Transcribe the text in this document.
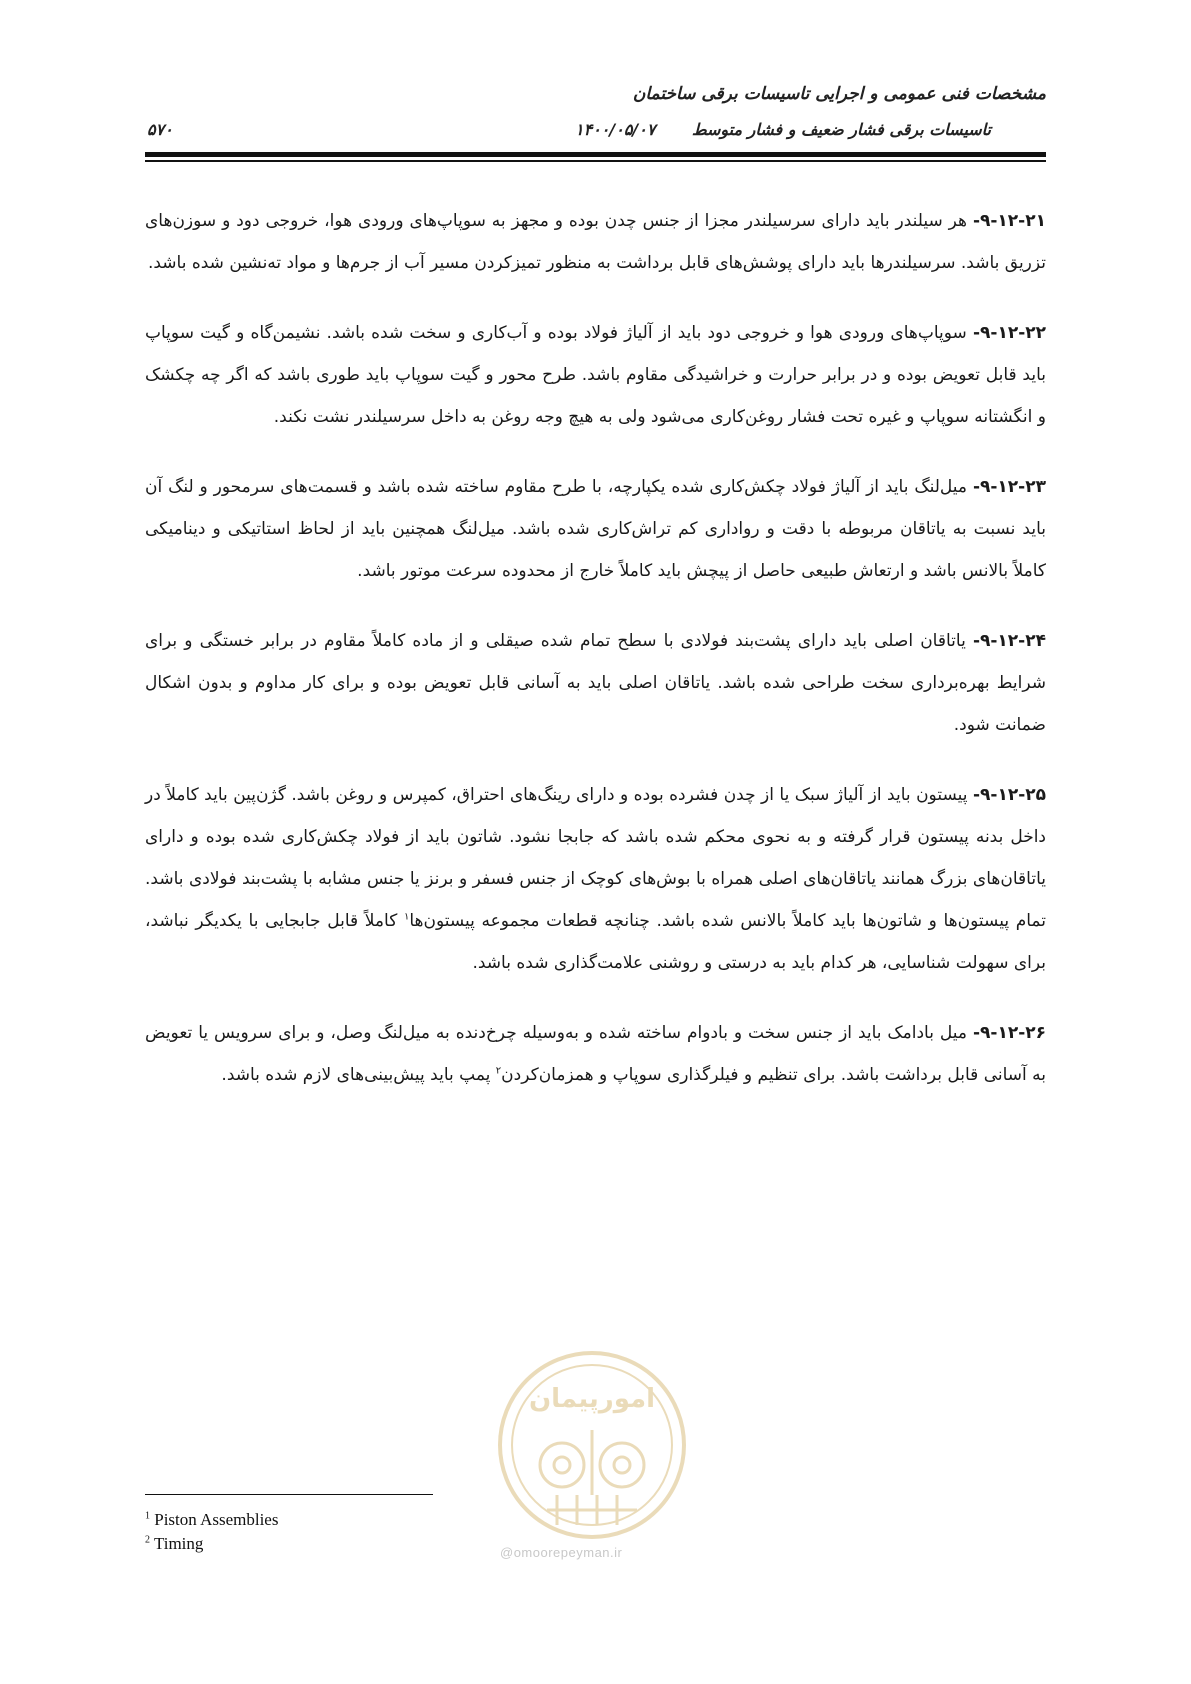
مشخصات فنی عمومی و اجرایی تاسیسات برقی ساختمان
تاسیسات برقی فشار ضعیف و فشار متوسط
۱۴۰۰/۰۵/۰۷
۵۷۰

۹-۱۲-۲۱- هر سیلندر باید دارای سرسیلندر مجزا از جنس چدن بوده و مجهز به سوپاپ‌های ورودی هوا، خروجی دود و سوزن‌های تزریق باشد. سرسیلندرها باید دارای پوشش‌های قابل برداشت به منظور تمیزکردن مسیر آب از جرم‌ها و مواد ته‌نشین شده باشد.

۹-۱۲-۲۲- سوپاپ‌های ورودی هوا و خروجی دود باید از آلیاژ فولاد بوده و آب‌کاری و سخت شده باشد. نشیمن‌گاه و گیت سوپاپ باید قابل تعویض بوده و در برابر حرارت و خراشیدگی مقاوم باشد. طرح محور و گیت سوپاپ باید طوری باشد که اگر چه چکشک و انگشتانه سوپاپ و غیره تحت فشار روغن‌کاری می‌شود ولی به هیچ وجه روغن به داخل سرسیلندر نشت نکند.

۹-۱۲-۲۳- میل‌لنگ باید از آلیاژ فولاد چکش‌کاری شده یکپارچه، با طرح مقاوم ساخته شده باشد و قسمت‌های سرمحور و لنگ آن باید نسبت به یاتاقان مربوطه با دقت و رواداری کم تراش‌کاری شده باشد. میل‌لنگ همچنین باید از لحاظ استاتیکی و دینامیکی کاملاً بالانس باشد و ارتعاش طبیعی حاصل از پیچش باید کاملاً خارج از محدوده سرعت موتور باشد.

۹-۱۲-۲۴- یاتاقان اصلی باید دارای پشت‌بند فولادی با سطح تمام شده صیقلی و از ماده کاملاً مقاوم در برابر خستگی و برای شرایط بهره‌برداری سخت طراحی شده باشد. یاتاقان اصلی باید به آسانی قابل تعویض بوده و برای کار مداوم و بدون اشکال ضمانت شود.

۹-۱۲-۲۵- پیستون باید از آلیاژ سبک یا از چدن فشرده بوده و دارای رینگ‌های احتراق، کمپرس و روغن باشد. گژن‌پین باید کاملاً در داخل بدنه پیستون قرار گرفته و به نحوی محکم شده باشد که جابجا نشود. شاتون باید از فولاد چکش‌کاری شده بوده و دارای یاتاقان‌های بزرگ همانند یاتاقان‌های اصلی همراه با بوش‌های کوچک از جنس فسفر و برنز یا جنس مشابه با پشت‌بند فولادی باشد. تمام پیستون‌ها و شاتون‌ها باید کاملاً بالانس شده باشد. چنانچه قطعات مجموعه پیستون‌ها$^۱$ کاملاً قابل جابجایی با یکدیگر نباشد، برای سهولت شناسایی، هر کدام باید به درستی و روشنی علامت‌گذاری شده باشد.

۹-۱۲-۲۶- میل بادامک باید از جنس سخت و بادوام ساخته شده و به‌وسیله چرخ‌دنده به میل‌لنگ وصل، و برای سرویس یا تعویض به آسانی قابل برداشت باشد. برای تنظیم و فیلرگذاری سوپاپ و همزمان‌کردن$^۲$ پمپ باید پیش‌بینی‌های لازم شده باشد.

امورپیمان
@omoorepeyman.ir
$^1$ Piston Assemblies
$^2$ Timing
